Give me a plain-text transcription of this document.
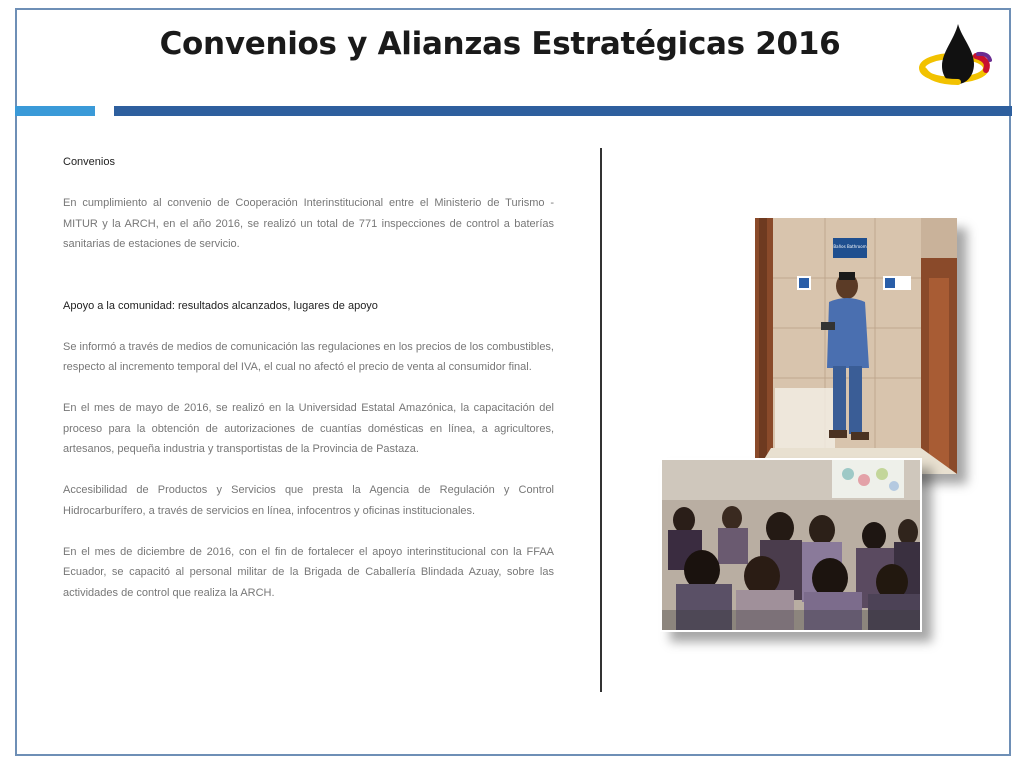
Convenios y Alianzas Estratégicas 2016

Convenios

En cumplimiento al convenio de Cooperación Interinstitucional entre el Ministerio de Turismo - MITUR y la ARCH, en el año 2016, se realizó un total de 771 inspecciones de control a baterías sanitarias de estaciones de servicio.

Apoyo a la comunidad: resultados alcanzados, lugares de apoyo

Se informó a través de medios de comunicación las regulaciones en los precios de los combustibles, respecto al incremento temporal del IVA, el cual no afectó el precio de venta al consumidor final.

En el mes de mayo de 2016, se realizó en la Universidad Estatal Amazónica, la capacitación del proceso para la obtención de autorizaciones de cuantías domésticas en línea, a agricultores, artesanos, pequeña industria y transportistas de la Provincia de Pastaza.

Accesibilidad de Productos y Servicios que presta la Agencia de Regulación y Control Hidrocarburífero, a través de servicios en línea, infocentros y oficinas institucionales.

En el mes de diciembre de 2016, con el fin de fortalecer el apoyo interinstitucional con la FFAA Ecuador, se capacitó al personal militar de la Brigada de Caballería Blindada Azuay, sobre las actividades de control que realiza la ARCH.

Baños Bathroom
